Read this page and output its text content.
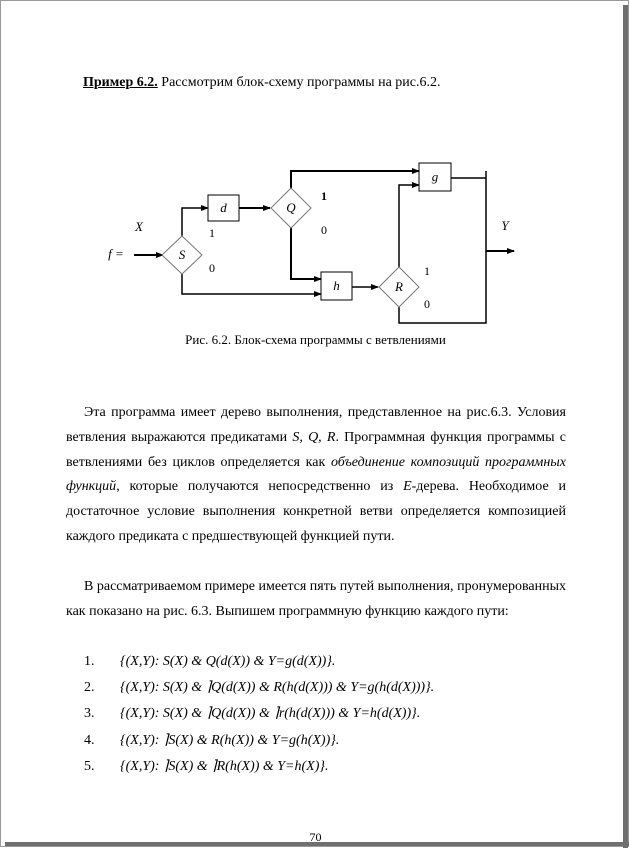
Пример 6.2. Рассмотрим блок-схему программы на рис.6.2.
d	Q
S
g
h	R
X
f =
Y
1
0
1
0
1
0
Рис. 6.2. Блок-схема программы с ветвлениями

Эта программа имеет дерево выполнения, представленное на рис.6.3. Условия ветвления выражаются предикатами S, Q, R. Программная функция программы с ветвлениями без циклов определяется как объединение композиций программных функций, которые получаются непосредственно из E-дерева. Необходимое и достаточное условие выполнения конкретной ветви определяется композицией каждого предиката с предшествующей функцией пути.

В рассматриваемом примере имеется пять путей выполнения, пронумерованных как показано на рис. 6.3. Выпишем программную функцию каждого пути:

1. {(X,Y): S(X) & Q(d(X)) & Y=g(d(X))}.
2. {(X,Y): S(X) & ⌉Q(d(X)) & R(h(d(X))) & Y=g(h(d(X)))}.
3. {(X,Y): S(X) & ⌉Q(d(X)) & ⌉r(h(d(X))) & Y=h(d(X))}.
4. {(X,Y): ⌉S(X) & R(h(X)) & Y=g(h(X))}.
5. {(X,Y): ⌉S(X) & ⌉R(h(X)) & Y=h(X)}.
70
